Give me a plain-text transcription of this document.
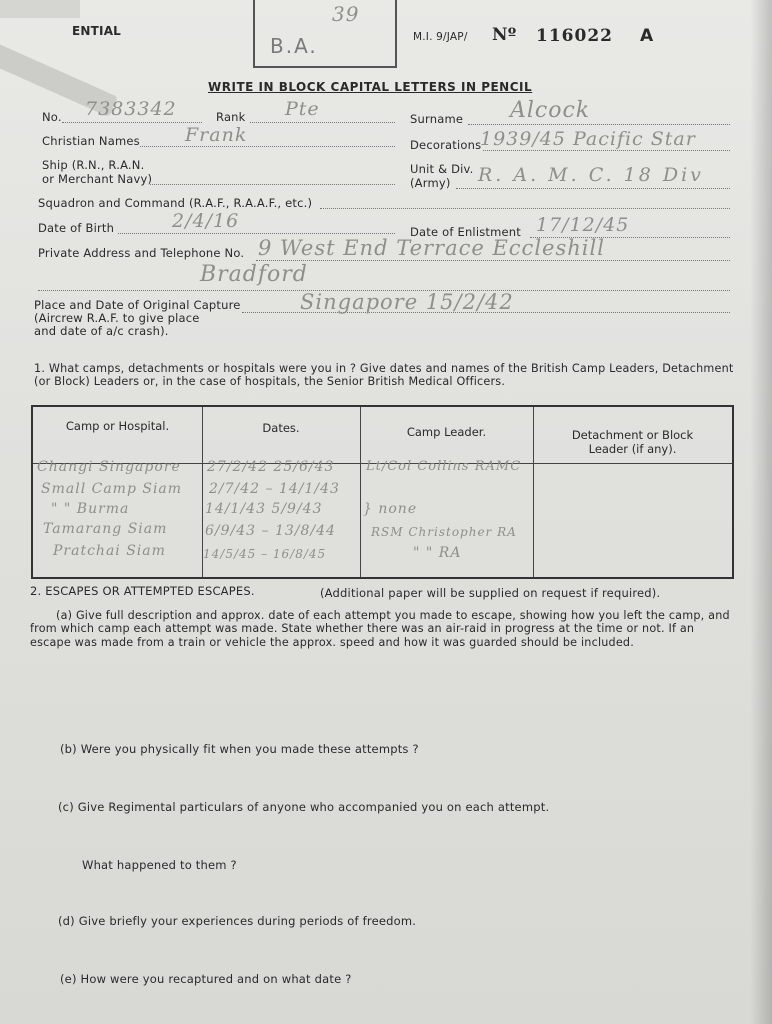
ENTIAL
39
B.A.	M.I. 9/JAP/ Nº 116022 A
WRITE IN BLOCK CAPITAL LETTERS IN PENCIL
No. 7383342	Rank Pte	Surname Alcock
Christian Names Frank	Decorations
1939/45 Pacific Star
Ship (R.N., R.A.N.
or Merchant Navy)
Unit & Div.
(Army) R. A. M. C. 18 Div
Squadron and Command (R.A.F., R.A.A.F., etc.)
Date of Birth	2/4/16	Date of Enlistment 17/12/45
Private Address and Telephone No. 9 West End Terrace Eccleshill
Bradford
Place and Date of Original Capture
(Aircrew R.A.F. to give place
and date of a/c crash).
Singapore 15/2/42
1. What camps, detachments or hospitals were you in ? Give dates and names of the British Camp Leaders, Detachment
(or Block) Leaders or, in the case of hospitals, the Senior British Medical Officers.
Camp or Hospital.	Dates.	Camp Leader.	Detachment or Block
Leader (if any).
Changi Singapore 27/2/42 25/6/43 Lt/Col Collins RAMC
Small Camp Siam 2/7/42 – 14/1/43
" " Burma	14/1/43 5/9/43	} none
Tamarang Siam	6/9/43 – 13/8/44	RSM Christopher RA
Pratchai Siam	14/5/45 – 16/8/45	" " RA
2. ESCAPES OR ATTEMPTED ESCAPES.	(Additional paper will be supplied on request if required).
(a) Give full description and approx. date of each attempt you made to escape, showing how you left the camp, and
from which camp each attempt was made. State whether there was an air-raid in progress at the time or not. If an
escape was made from a train or vehicle the approx. speed and how it was guarded should be included.
(b) Were you physically fit when you made these attempts ?
(c) Give Regimental particulars of anyone who accompanied you on each attempt.
What happened to them ?
(d) Give briefly your experiences during periods of freedom.
(e) How were you recaptured and on what date ?
